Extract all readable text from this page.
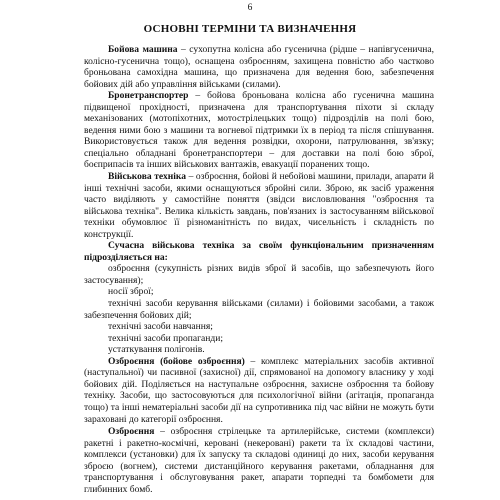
6
ОСНОВНІ ТЕРМІНИ ТА ВИЗНАЧЕННЯ

Бойова машина – сухопутна колісна або гусенична (рідше – напівгусенична, колісно-гусенична тощо), оснащена озброєнням, захищена повністю або частково броньована самохідна машина, що призначена для ведення бою, забезпечення бойових дій або управління військами (силами).

Бронетранспортер – бойова броньована колісна або гусенична машина підвищеної прохідності, призначена для транспортування піхоти зі складу механізованих (мотопіхотних, мотострілецьких тощо) підрозділів на полі бою, ведення ними бою з машини та вогневої підтримки їх в період та після спішування. Використовується також для ведення розвідки, охорони, патрулювання, зв'язку; спеціально обладнані бронетранспортери – для доставки на полі бою зброї, боєприпасів та інших військових вантажів, евакуації поранених тощо.

Військова техніка – озброєння, бойові й небойові машини, прилади, апарати й інші технічні засоби, якими оснащуються збройні сили. Зброю, як засіб ураження часто виділяють у самостійне поняття (звідси висловлювання "озброєння та військова техніка". Велика кількість завдань, пов'язаних із застосуванням військової техніки обумовлює її різноманітність по видах, чисельність і складність по конструкції.

Сучасна військова техніка за своїм функціональним призначенням підрозділяється на:

озброєння (сукупність різних видів зброї й засобів, що забезпечують його застосування);

носії зброї;

технічні засоби керування військами (силами) і бойовими засобами, а також забезпечення бойових дій;

технічні засоби навчання;

технічні засоби пропаганди;

устаткування полігонів.

Озброєння (бойове озброєння) – комплекс матеріальних засобів активної (наступальної) чи пасивної (захисної) дії, спрямованої на допомогу власнику у ході бойових дій. Поділяється на наступальне озброєння, захисне озброєння та бойову техніку. Засоби, що застосовуються для психологічної війни (агітація, пропаганда тощо) та інші нематеріальні засоби дії на супротивника під час війни не можуть бути зараховані до категорії озброєння.

Озброєння – озброєння стрілецьке та артилерійське, системи (комплекси) ракетні і ракетно-космічні, керовані (некеровані) ракети та їх складові частини, комплекси (установки) для їх запуску та складові одиниці до них, засоби керування зброєю (вогнем), системи дистанційного керування ракетами, обладнання для транспортування і обслуговування ракет, апарати торпедні та бомбомети для глибинних бомб.
